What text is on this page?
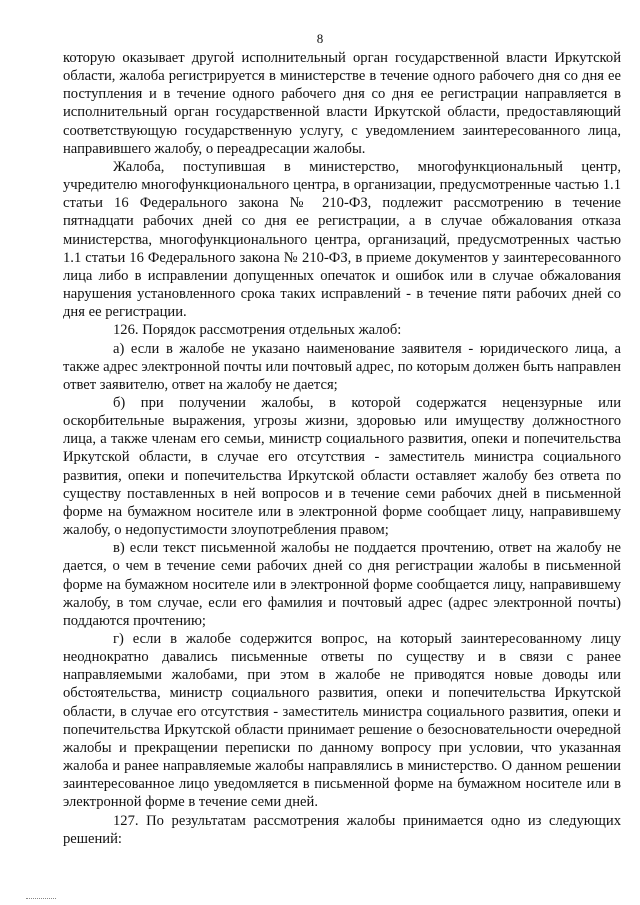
8

которую оказывает другой исполнительный орган государственной власти Иркутской области, жалоба регистрируется в министерстве в течение одного рабочего дня со дня ее поступления и в течение одного рабочего дня со дня ее регистрации направляется в исполнительный орган государственной власти Иркутской области, предоставляющий соответствующую государственную услугу, с уведомлением заинтересованного лица, направившего жалобу, о переадресации жалобы.

Жалоба, поступившая в министерство, многофункциональный центр, учредителю многофункционального центра, в организации, предусмотренные частью 1.1 статьи 16 Федерального закона № 210-ФЗ, подлежит рассмотрению в течение пятнадцати рабочих дней со дня ее регистрации, а в случае обжалования отказа министерства, многофункционального центра, организаций, предусмотренных частью 1.1 статьи 16 Федерального закона № 210-ФЗ, в приеме документов у заинтересованного лица либо в исправлении допущенных опечаток и ошибок или в случае обжалования нарушения установленного срока таких исправлений - в течение пяти рабочих дней со дня ее регистрации.

126. Порядок рассмотрения отдельных жалоб:

а) если в жалобе не указано наименование заявителя - юридического лица, а также адрес электронной почты или почтовый адрес, по которым должен быть направлен ответ заявителю, ответ на жалобу не дается;

б) при получении жалобы, в которой содержатся нецензурные или оскорбительные выражения, угрозы жизни, здоровью или имуществу должностного лица, а также членам его семьи, министр социального развития, опеки и попечительства Иркутской области, в случае его отсутствия - заместитель министра социального развития, опеки и попечительства Иркутской области оставляет жалобу без ответа по существу поставленных в ней вопросов и в течение семи рабочих дней в письменной форме на бумажном носителе или в электронной форме сообщает лицу, направившему жалобу, о недопустимости злоупотребления правом;

в) если текст письменной жалобы не поддается прочтению, ответ на жалобу не дается, о чем в течение семи рабочих дней со дня регистрации жалобы в письменной форме на бумажном носителе или в электронной форме сообщается лицу, направившему жалобу, в том случае, если его фамилия и почтовый адрес (адрес электронной почты) поддаются прочтению;

г) если в жалобе содержится вопрос, на который заинтересованному лицу неоднократно давались письменные ответы по существу и в связи с ранее направляемыми жалобами, при этом в жалобе не приводятся новые доводы или обстоятельства, министр социального развития, опеки и попечительства Иркутской области, в случае его отсутствия - заместитель министра социального развития, опеки и попечительства Иркутской области принимает решение о безосновательности очередной жалобы и прекращении переписки по данному вопросу при условии, что указанная жалоба и ранее направляемые жалобы направлялись в министерство. О данном решении заинтересованное лицо уведомляется в письменной форме на бумажном носителе или в электронной форме в течение семи дней.

127. По результатам рассмотрения жалобы принимается одно из следующих решений:
